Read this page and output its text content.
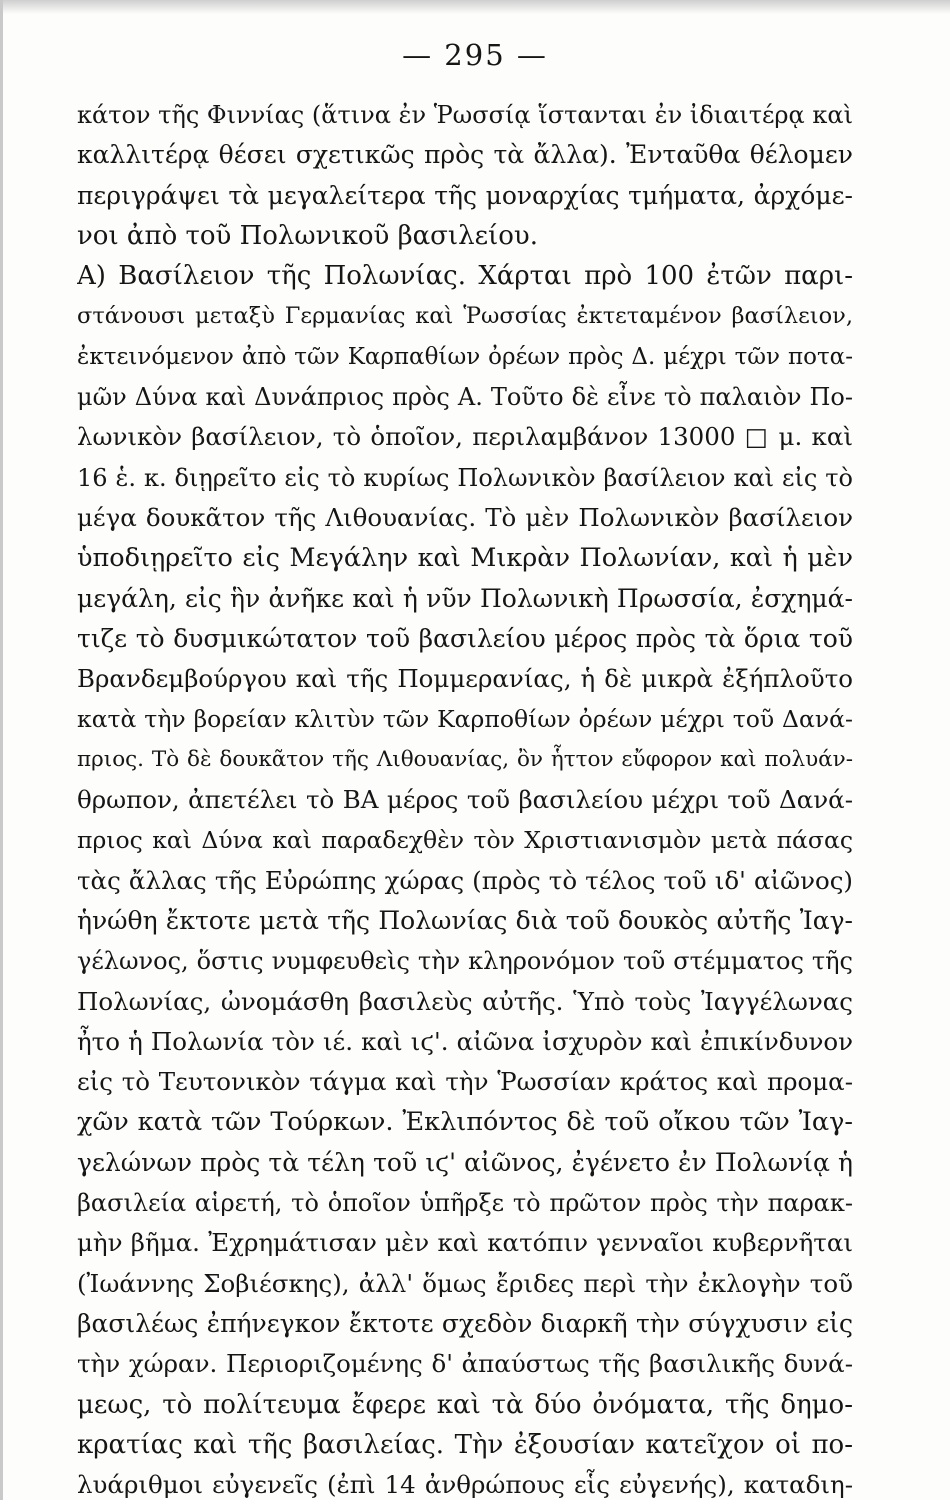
— 295 —
κάτον τῆς Φιννίας (ἅτινα ἐν Ῥωσσίᾳ ἵστανται ἐν ἰδιαιτέρᾳ καὶ
καλλιτέρᾳ θέσει σχετικῶς πρὸς τὰ ἄλλα). Ἐνταῦθα θέλομεν
περιγράψει τὰ μεγαλείτερα τῆς μοναρχίας τμήματα, ἀρχόμε-
νοι ἀπὸ τοῦ Πολωνικοῦ βασιλείου.
Α) Βασίλειον τῆς Πολωνίας. Χάρται πρὸ 100 ἐτῶν παρι-
στάνουσι μεταξὺ Γερμανίας καὶ Ῥωσσίας ἐκτεταμένον βασίλειον,
ἐκτεινόμενον ἀπὸ τῶν Καρπαθίων ὀρέων πρὸς Δ. μέχρι τῶν ποτα-
μῶν Δύνα καὶ Δυνάπριος πρὸς Α. Τοῦτο δὲ εἶνε τὸ παλαιὸν Πο-
λωνικὸν βασίλειον, τὸ ὁποῖον, περιλαμβάνον 13000 □ μ. καὶ
16 ἑ. κ. διῃρεῖτο εἰς τὸ κυρίως Πολωνικὸν βασίλειον καὶ εἰς τὸ
μέγα δουκᾶτον τῆς Λιθουανίας. Τὸ μὲν Πολωνικὸν βασίλειον
ὑποδιῃρεῖτο εἰς Μεγάλην καὶ Μικρὰν Πολωνίαν, καὶ ἡ μὲν
μεγάλη, εἰς ἣν ἀνῆκε καὶ ἡ νῦν Πολωνικὴ Πρωσσία, ἐσχημά-
τιζε τὸ δυσμικώτατον τοῦ βασιλείου μέρος πρὸς τὰ ὅρια τοῦ
Βρανδεμβούργου καὶ τῆς Πομμερανίας, ἡ δὲ μικρὰ ἐξήπλοῦτο
κατὰ τὴν βορείαν κλιτὺν τῶν Καρποθίων ὀρέων μέχρι τοῦ Δανά-
πριος. Τὸ δὲ δουκᾶτον τῆς Λιθουανίας, ὂν ἧττον εὔφορον καὶ πολυάν-
θρωπον, ἀπετέλει τὸ ΒΑ μέρος τοῦ βασιλείου μέχρι τοῦ Δανά-
πριος καὶ Δύνα καὶ παραδεχθὲν τὸν Χριστιανισμὸν μετὰ πάσας
τὰς ἄλλας τῆς Εὐρώπης χώρας (πρὸς τὸ τέλος τοῦ ιδ' αἰῶνος)
ἡνώθη ἔκτοτε μετὰ τῆς Πολωνίας διὰ τοῦ δουκὸς αὐτῆς Ἰαγ-
γέλωνος, ὅστις νυμφευθεὶς τὴν κληρονόμον τοῦ στέμματος τῆς
Πολωνίας, ὠνομάσθη βασιλεὺς αὐτῆς. Ὑπὸ τοὺς Ἰαγγέλωνας
ἦτο ἡ Πολωνία τὸν ιέ. καὶ ιϛ'. αἰῶνα ἰσχυρὸν καὶ ἐπικίνδυνον
εἰς τὸ Τευτονικὸν τάγμα καὶ τὴν Ῥωσσίαν κράτος καὶ προμα-
χῶν κατὰ τῶν Τούρκων. Ἐκλιπόντος δὲ τοῦ οἴκου τῶν Ἰαγ-
γελώνων πρὸς τὰ τέλη τοῦ ιϛ' αἰῶνος, ἐγένετο ἐν Πολωνίᾳ ἡ
βασιλεία αἱρετή, τὸ ὁποῖον ὑπῆρξε τὸ πρῶτον πρὸς τὴν παρακ-
μὴν βῆμα. Ἐχρημάτισαν μὲν καὶ κατόπιν γενναῖοι κυβερνῆται
(Ἰωάννης Σοβιέσκης), ἀλλ' ὅμως ἔριδες περὶ τὴν ἐκλογὴν τοῦ
βασιλέως ἐπήνεγκον ἔκτοτε σχεδὸν διαρκῆ τὴν σύγχυσιν εἰς
τὴν χώραν. Περιοριζομένης δ' ἀπαύστως τῆς βασιλικῆς δυνά-
μεως, τὸ πολίτευμα ἔφερε καὶ τὰ δύο ὀνόματα, τῆς δημο-
κρατίας καὶ τῆς βασιλείας. Τὴν ἐξουσίαν κατεῖχον οἱ πο-
λυάριθμοι εὐγενεῖς (ἐπὶ 14 ἀνθρώπους εἷς εὐγενής), καταδιη-
